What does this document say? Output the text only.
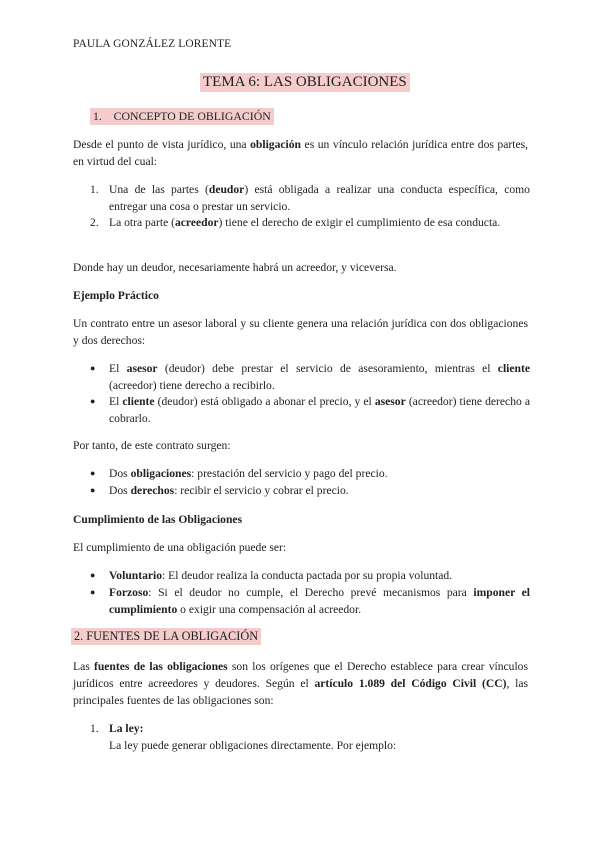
PAULA GONZÁLEZ LORENTE
TEMA 6: LAS OBLIGACIONES
1. CONCEPTO DE OBLIGACIÓN
Desde el punto de vista jurídico, una obligación es un vínculo relación jurídica entre dos partes, en virtud del cual:
1. Una de las partes (deudor) está obligada a realizar una conducta específica, como entregar una cosa o prestar un servicio.
2. La otra parte (acreedor) tiene el derecho de exigir el cumplimiento de esa conducta.
Donde hay un deudor, necesariamente habrá un acreedor, y viceversa.
Ejemplo Práctico
Un contrato entre un asesor laboral y su cliente genera una relación jurídica con dos obligaciones y dos derechos:
●	El asesor (deudor) debe prestar el servicio de asesoramiento, mientras el cliente (acreedor) tiene derecho a recibirlo.
●	El cliente (deudor) está obligado a abonar el precio, y el asesor (acreedor) tiene derecho a cobrarlo.
Por tanto, de este contrato surgen:
●	Dos obligaciones: prestación del servicio y pago del precio.
●	Dos derechos: recibir el servicio y cobrar el precio.
Cumplimiento de las Obligaciones
El cumplimiento de una obligación puede ser:
●	Voluntario: El deudor realiza la conducta pactada por su propia voluntad.
●	Forzoso: Si el deudor no cumple, el Derecho prevé mecanismos para imponer el cumplimiento o exigir una compensación al acreedor.
2. FUENTES DE LA OBLIGACIÓN
Las fuentes de las obligaciones son los orígenes que el Derecho establece para crear vínculos jurídicos entre acreedores y deudores. Según el artículo 1.089 del Código Civil (CC), las principales fuentes de las obligaciones son:
1. La ley:
La ley puede generar obligaciones directamente. Por ejemplo:
